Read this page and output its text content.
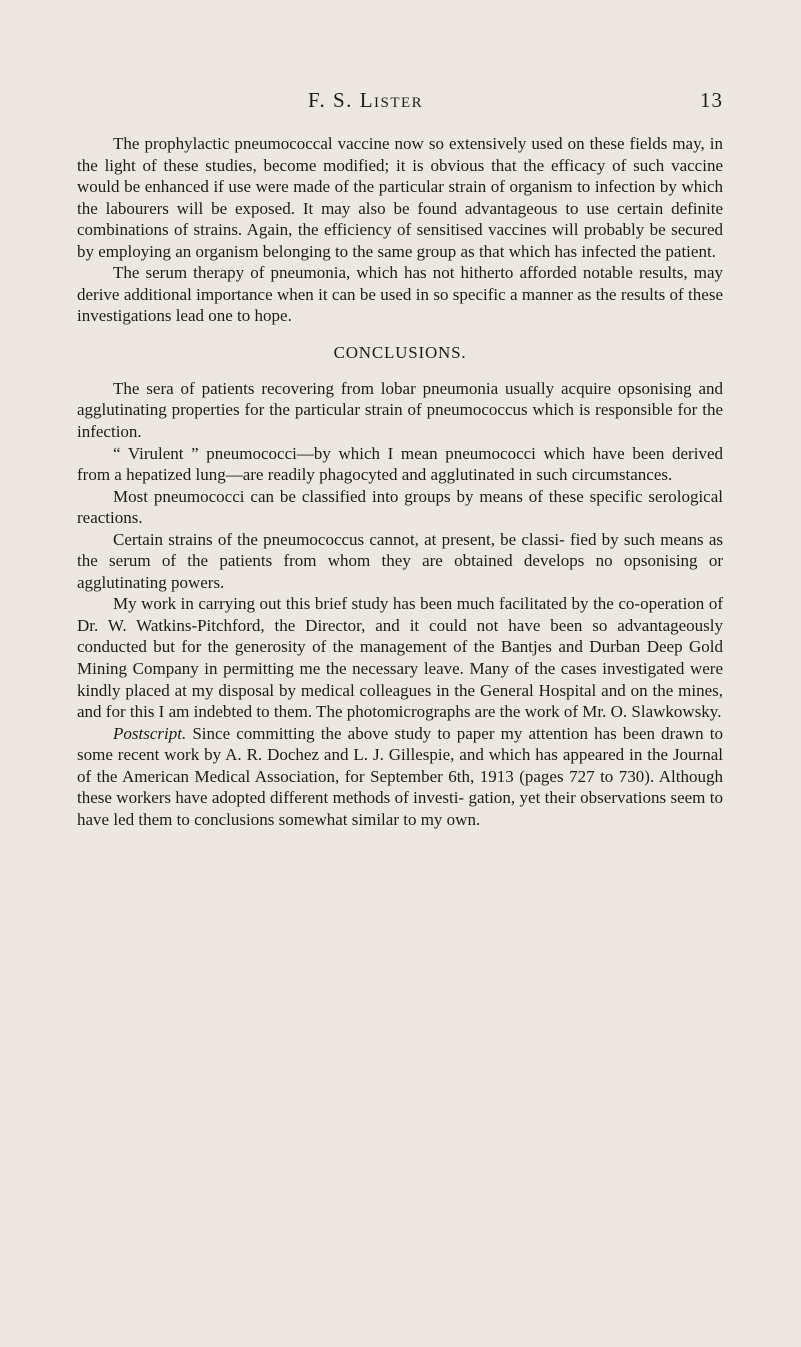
F. S. Lister	13

The prophylactic pneumococcal vaccine now so extensively used on these fields may, in the light of these studies, become modified; it is obvious that the efficacy of such vaccine would be enhanced if use were made of the particular strain of organism to infection by which the labourers will be exposed. It may also be found advantageous to use certain definite combinations of strains. Again, the efficiency of sensitised vaccines will probably be secured by employing an organism belonging to the same group as that which has infected the patient.

The serum therapy of pneumonia, which has not hitherto afforded notable results, may derive additional importance when it can be used in so specific a manner as the results of these investigations lead one to hope.

CONCLUSIONS.

The sera of patients recovering from lobar pneumonia usually acquire opsonising and agglutinating properties for the particular strain of pneumococcus which is responsible for the infection.

“ Virulent ” pneumococci—by which I mean pneumococci which have been derived from a hepatized lung—are readily phagocyted and agglutinated in such circumstances.

Most pneumococci can be classified into groups by means of these specific serological reactions.

Certain strains of the pneumococcus cannot, at present, be classi- fied by such means as the serum of the patients from whom they are obtained develops no opsonising or agglutinating powers.

My work in carrying out this brief study has been much facilitated by the co-operation of Dr. W. Watkins-Pitchford, the Director, and it could not have been so advantageously conducted but for the generosity of the management of the Bantjes and Durban Deep Gold Mining Company in permitting me the necessary leave. Many of the cases investigated were kindly placed at my disposal by medical colleagues in the General Hospital and on the mines, and for this I am indebted to them. The photomicrographs are the work of Mr. O. Slawkowsky.

Postscript. Since committing the above study to paper my attention has been drawn to some recent work by A. R. Dochez and L. J. Gillespie, and which has appeared in the Journal of the American Medical Association, for September 6th, 1913 (pages 727 to 730). Although these workers have adopted different methods of investi- gation, yet their observations seem to have led them to conclusions somewhat similar to my own.
